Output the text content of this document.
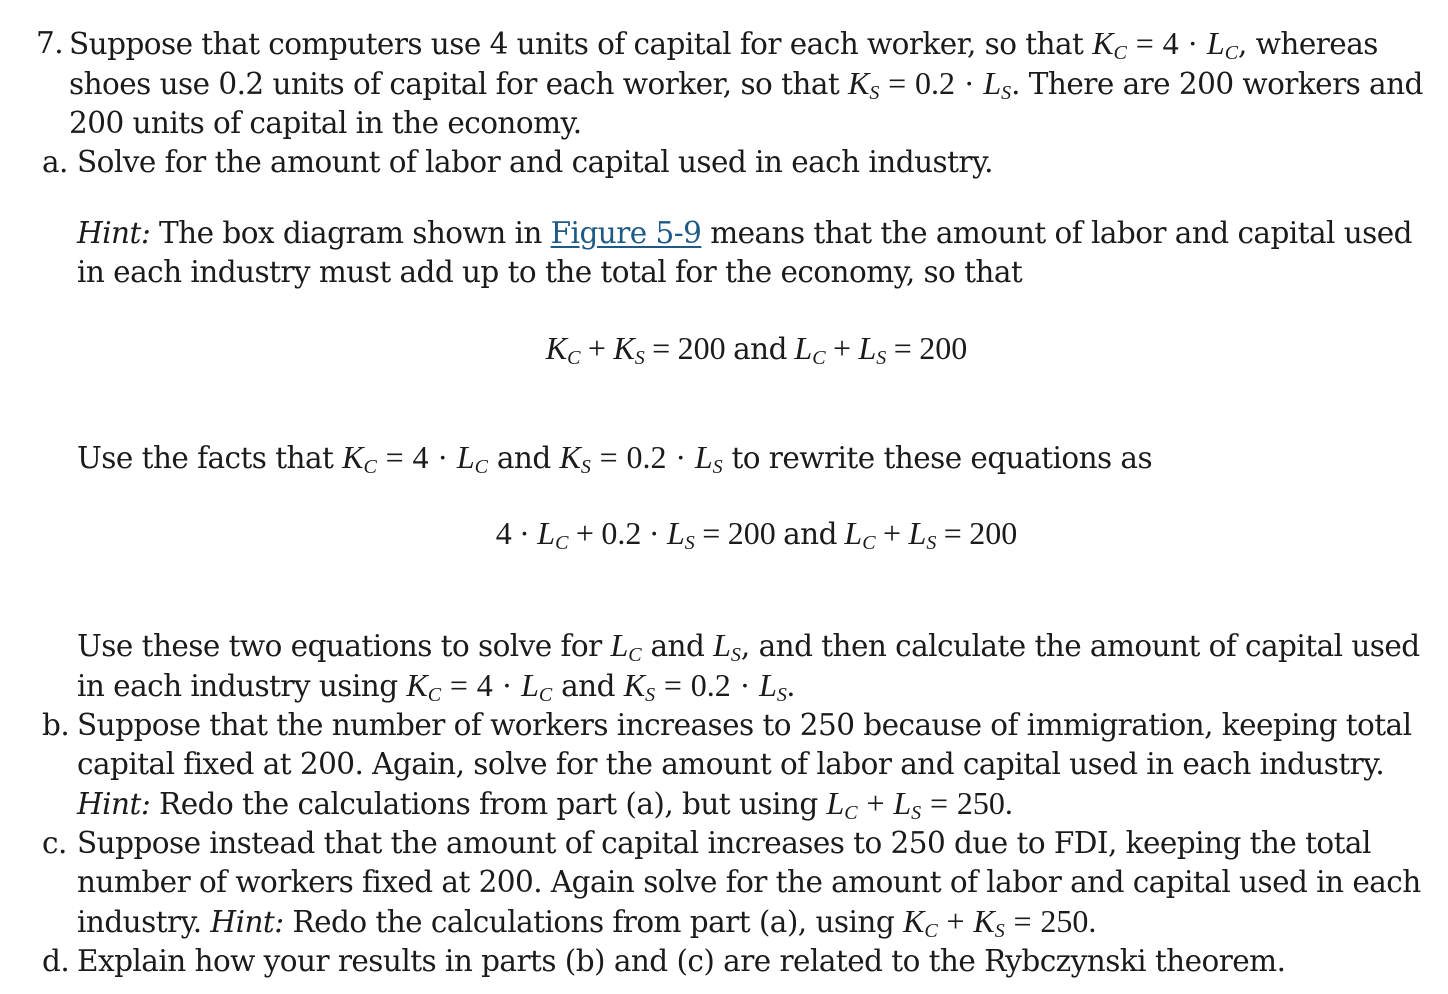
7. Suppose that computers use 4 units of capital for each worker, so that $K_C = 4 \cdot L_C$, whereas shoes use 0.2 units of capital for each worker, so that $K_S = 0.2 \cdot L_S$. There are 200 workers and 200 units of capital in the economy.
a. Solve for the amount of labor and capital used in each industry.
Hint: The box diagram shown in Figure 5-9 means that the amount of labor and capital used in each industry must add up to the total for the economy, so that
$K_C + K_S = 200$ and $L_C + L_S = 200$
Use the facts that $K_C = 4 \cdot L_C$ and $K_S = 0.2 \cdot L_S$ to rewrite these equations as
$4 \cdot L_C + 0.2 \cdot L_S = 200$ and $L_C + L_S = 200$
Use these two equations to solve for $L_C$ and $L_S$, and then calculate the amount of capital used in each industry using $K_C = 4 \cdot L_C$ and $K_S = 0.2 \cdot L_S$.
b. Suppose that the number of workers increases to 250 because of immigration, keeping total capital fixed at 200. Again, solve for the amount of labor and capital used in each industry. Hint: Redo the calculations from part (a), but using $L_C + L_S = 250$.
c. Suppose instead that the amount of capital increases to 250 due to FDI, keeping the total number of workers fixed at 200. Again solve for the amount of labor and capital used in each industry. Hint: Redo the calculations from part (a), using $K_C + K_S = 250$.
d. Explain how your results in parts (b) and (c) are related to the Rybczynski theorem.
